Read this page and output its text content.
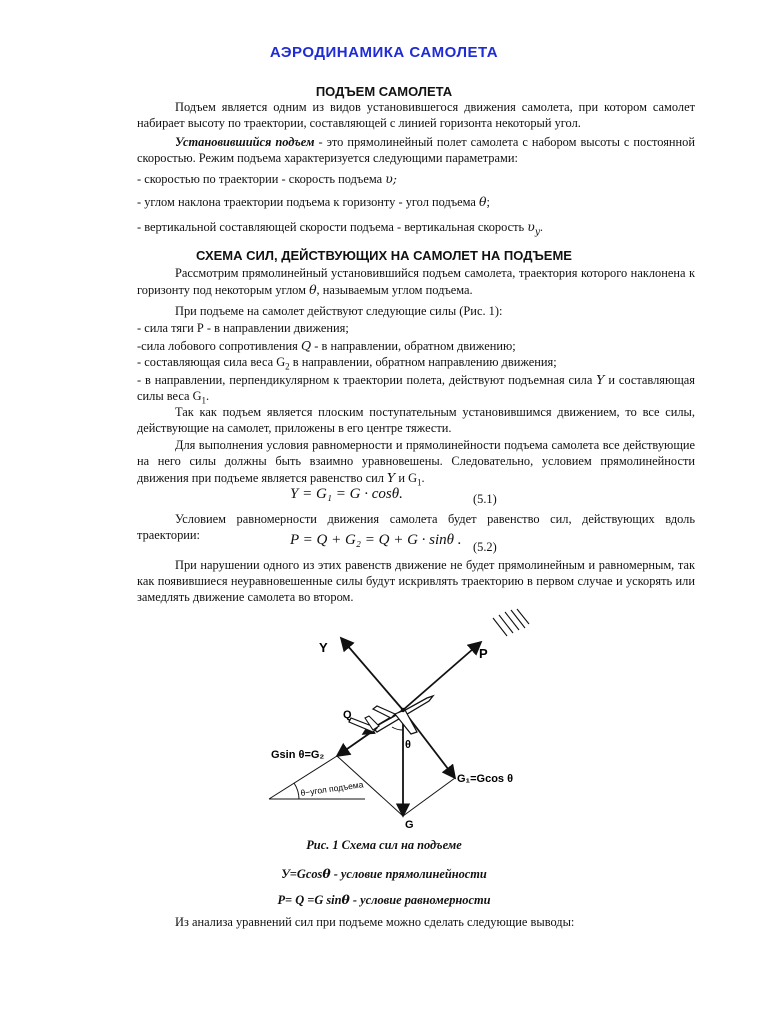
АЭРОДИНАМИКА САМОЛЕТА
ПОДЪЕМ САМОЛЕТА
Подъем является одним из видов установившегося движения самолета, при котором самолет набирает высоту по траектории, составляющей с линией горизонта некоторый угол.
Установившийся подъем - это прямолинейный полет самолета с набором высоты с постоянной скоростью. Режим подъема характеризуется следующими параметрами:
- скоростью по траектории - скорость подъема υ;
- углом наклона траектории подъема к горизонту - угол подъема θ;
- вертикальной составляющей скорости подъема - вертикальная скорость $\upsilon_y$.
СХЕМА СИЛ, ДЕЙСТВУЮЩИХ НА САМОЛЕТ НА ПОДЪЕМЕ
Рассмотрим прямолинейный установившийся подъем самолета, траектория которого наклонена к горизонту под некоторым углом θ, называемым углом подъема.
При подъеме на самолет действуют следующие силы (Рис. 1):
- сила тяги Р - в направлении движения;
-сила лобового сопротивления Q - в направлении, обратном движению;
- составляющая сила веса $G_2$ в направлении, обратном направлению движения;
- в направлении, перпендикулярном к траектории полета, действуют подъемная сила Y и составляющая силы веса $G_1$.
Так как подъем является плоским поступательным установившимся движением, то все силы, действующие на самолет, приложены в его центре тяжести.
Для выполнения условия равномерности и прямолинейности подъема самолета все действующие на него силы должны быть взаимно уравновешены. Следовательно, условием прямолинейности движения при подъеме является равенство сил Y и $G_1$.
Y = G₁ = G · cosθ.	(5.1)
Условием равномерности движения самолета будет равенство сил, действующих вдоль траектории:	P = Q + G₂ = Q + G · sinθ . (5.2)
При нарушении одного из этих равенств движение не будет прямолинейным и равномерным, так как появившиеся неуравновешенные силы будут искривлять траекторию в первом случае и ускорять или замедлять движение самолета во втором.
Y	P
Q
θ
Gsin θ=G₂
G₁=Gcos θ
G
θ−угол подъема
Рис. 1 Схема сил на подъеме
У=Gcosθ - условие прямолинейности
P= Q =G sinθ - условие равномерности
Из анализа уравнений сил при подъеме можно сделать следующие выводы:
